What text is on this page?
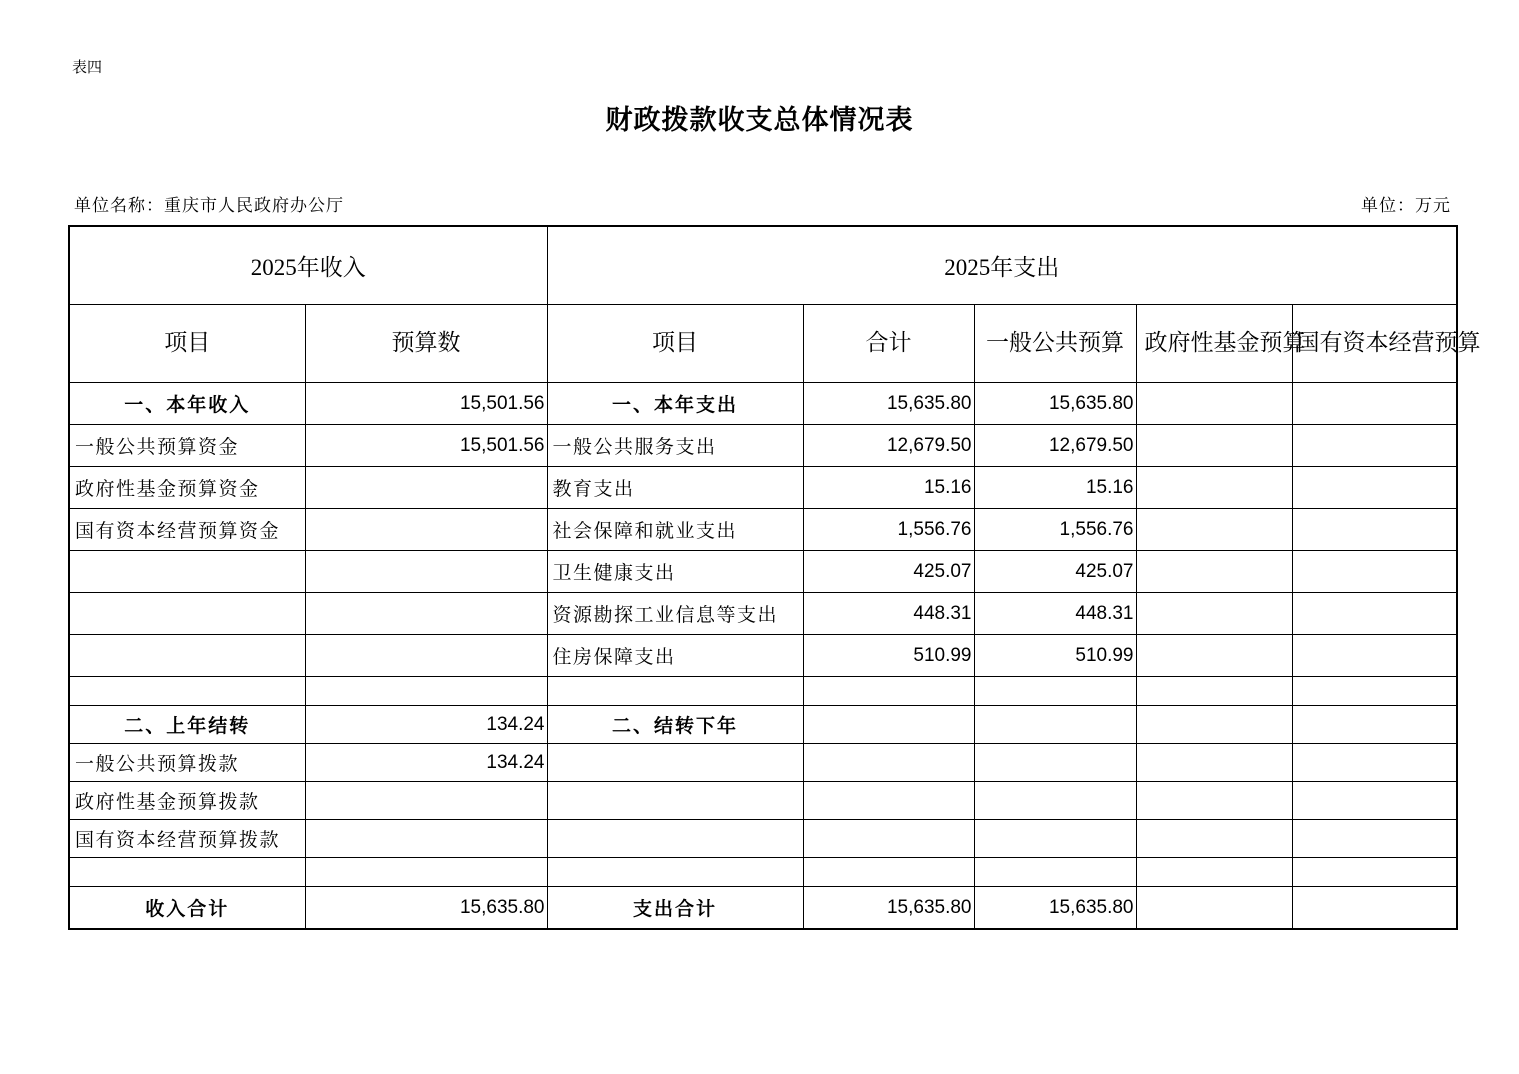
表四
财政拨款收支总体情况表
单位名称：重庆市人民政府办公厅	单位：万元
2025年收入		2025年支出				
项目	预算数	项目	合计	一般公共预算	政府性基金预算	国有资本经营预算
一、本年收入	15,501.56	一、本年支出	15,635.80	15,635.80		
一般公共预算资金	15,501.56	一般公共服务支出	12,679.50	12,679.50		
政府性基金预算资金		教育支出	15.16	15.16		
国有资本经营预算资金		社会保障和就业支出	1,556.76	1,556.76		
		卫生健康支出	425.07	425.07		
		资源勘探工业信息等支出	448.31	448.31		
		住房保障支出	510.99	510.99		

二、上年结转	134.24	二、结转下年				
一般公共预算拨款	134.24					
政府性基金预算拨款						
国有资本经营预算拨款						

收入合计	15,635.80	支出合计	15,635.80	15,635.80		
